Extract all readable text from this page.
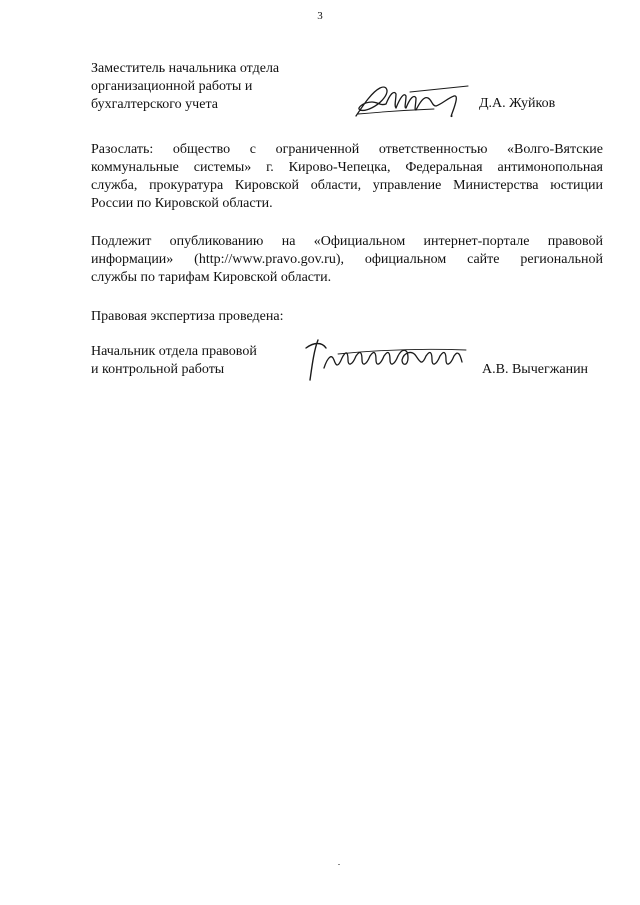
3
Заместитель начальника отдела
организационной работы и
бухгалтерского учета	Д.А. Жуйков
Разослать: общество с ограниченной ответственностью «Волго-Вятские
коммунальные системы» г. Кирово-Чепецка, Федеральная антимонопольная
служба, прокуратура Кировской области, управление Министерства юстиции
России по Кировской области.
Подлежит опубликованию на «Официальном интернет-портале правовой
информации» (http://www.pravo.gov.ru), официальном сайте региональной
службы по тарифам Кировской области.
Правовая экспертиза проведена:
Начальник отдела правовой
и контрольной работы	А.В. Вычегжанин
